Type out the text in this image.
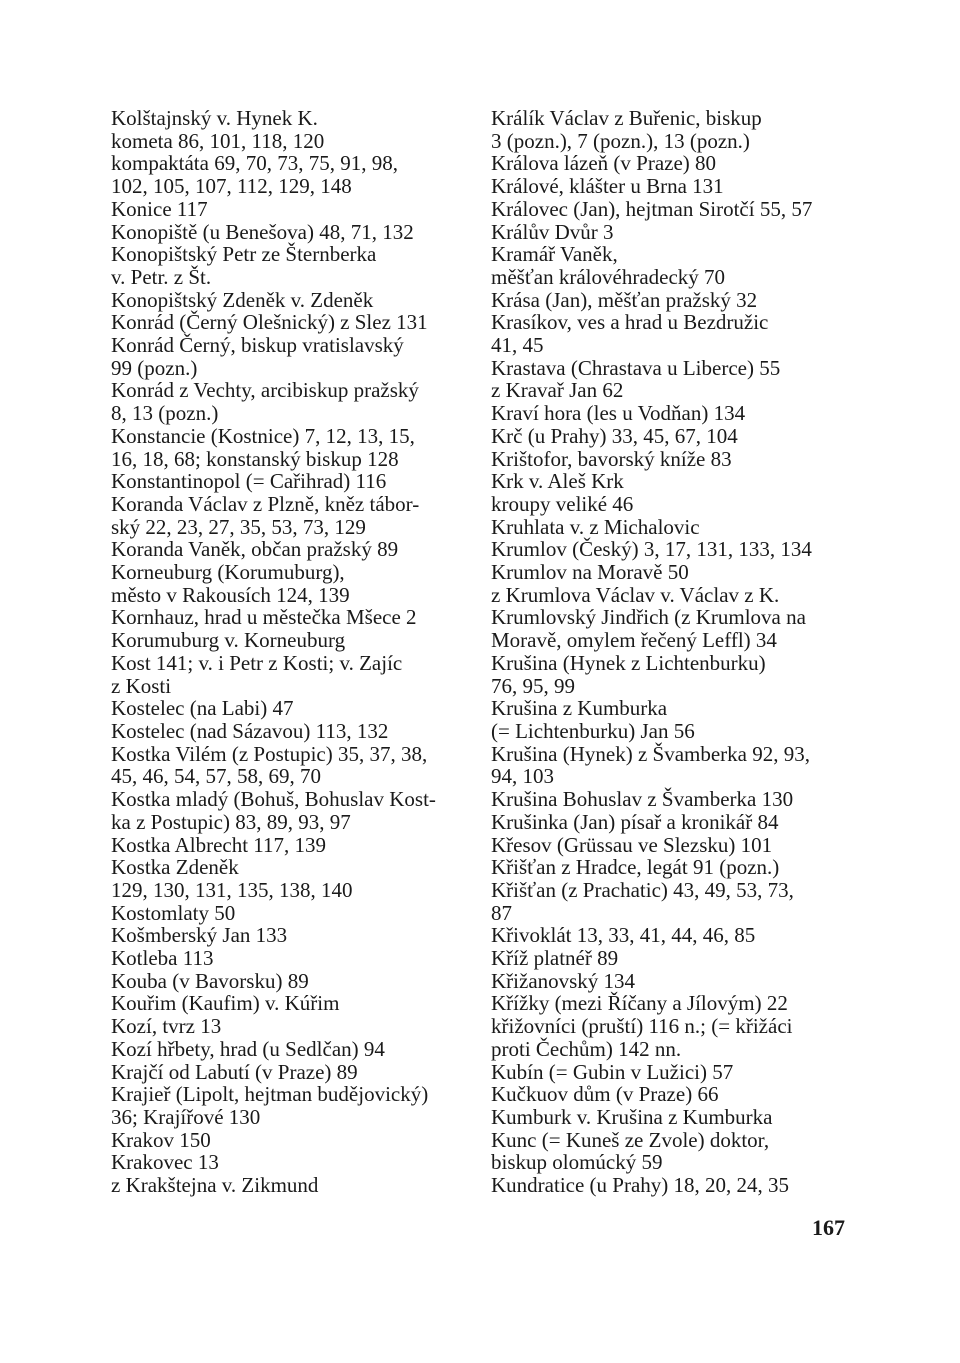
Kolštajnský v. Hynek K.

kometa 86, 101, 118, 120

kompaktáta 69, 70, 73, 75, 91, 98,
102, 105, 107, 112, 129, 148

Konice 117

Konopiště (u Benešova) 48, 71, 132

Konopištský Petr ze Šternberka
v. Petr. z Št.

Konopištský Zdeněk v. Zdeněk

Konrád (Černý Olešnický) z Slez 131

Konrád Černý, biskup vratislavský
99 (pozn.)

Konrád z Vechty, arcibiskup pražský
8, 13 (pozn.)

Konstancie (Kostnice) 7, 12, 13, 15,
16, 18, 68; konstanský biskup 128

Konstantinopol (= Cařihrad) 116

Koranda Václav z Plzně, kněz tábor-
ský 22, 23, 27, 35, 53, 73, 129

Koranda Vaněk, občan pražský 89

Korneuburg (Korumuburg),
město v Rakousích 124, 139

Kornhauz, hrad u městečka Mšece 2

Korumuburg v. Korneuburg

Kost 141; v. i Petr z Kosti; v. Zajíc
z Kosti

Kostelec (na Labi) 47

Kostelec (nad Sázavou) 113, 132

Kostka Vilém (z Postupic) 35, 37, 38,
45, 46, 54, 57, 58, 69, 70

Kostka mladý (Bohuš, Bohuslav Kost-
ka z Postupic) 83, 89, 93, 97

Kostka Albrecht 117, 139

Kostka Zdeněk
129, 130, 131, 135, 138, 140

Kostomlaty 50

Košmberský Jan 133

Kotleba 113

Kouba (v Bavorsku) 89

Kouřim (Kaufim) v. Kúřim

Kozí, tvrz 13

Kozí hřbety, hrad (u Sedlčan) 94

Krajčí od Labutí (v Praze) 89

Krajieř (Lipolt, hejtman budějovický)
36; Krajířové 130

Krakov 150

Krakovec 13

z Krakštejna v. Zikmund

Králík Václav z Buřenic, biskup
3 (pozn.), 7 (pozn.), 13 (pozn.)

Králova lázeň (v Praze) 80

Králové, klášter u Brna 131

Královec (Jan), hejtman Sirotčí 55, 57

Králův Dvůr 3

Kramář Vaněk,
měšťan královéhradecký 70

Krása (Jan), měšťan pražský 32

Krasíkov, ves a hrad u Bezdružic
41, 45

Krastava (Chrastava u Liberce) 55

z Kravař Jan 62

Kraví hora (les u Vodňan) 134

Krč (u Prahy) 33, 45, 67, 104

Krištofor, bavorský kníže 83

Krk v. Aleš Krk

kroupy veliké 46

Kruhlata v. z Michalovic

Krumlov (Český) 3, 17, 131, 133, 134

Krumlov na Moravě 50

z Krumlova Václav v. Václav z K.

Krumlovský Jindřich (z Krumlova na
Moravě, omylem řečený Leffl) 34

Krušina (Hynek z Lichtenburku)
76, 95, 99

Krušina z Kumburka
(= Lichtenburku) Jan 56

Krušina (Hynek) z Švamberka 92, 93,
94, 103

Krušina Bohuslav z Švamberka 130

Krušinka (Jan) písař a kronikář 84

Křesov (Grüssau ve Slezsku) 101

Křišťan z Hradce, legát 91 (pozn.)

Křišťan (z Prachatic) 43, 49, 53, 73,
87

Křivoklát 13, 33, 41, 44, 46, 85

Kříž platnéř 89

Křižanovský 134

Křížky (mezi Říčany a Jílovým) 22

křižovníci (pruští) 116 n.; (= křižáci
proti Čechům) 142 nn.

Kubín (= Gubin v Lužici) 57

Kučkuov dům (v Praze) 66

Kumburk v. Krušina z Kumburka

Kunc (= Kuneš ze Zvole) doktor,
biskup olomúcký 59

Kundratice (u Prahy) 18, 20, 24, 35

167
